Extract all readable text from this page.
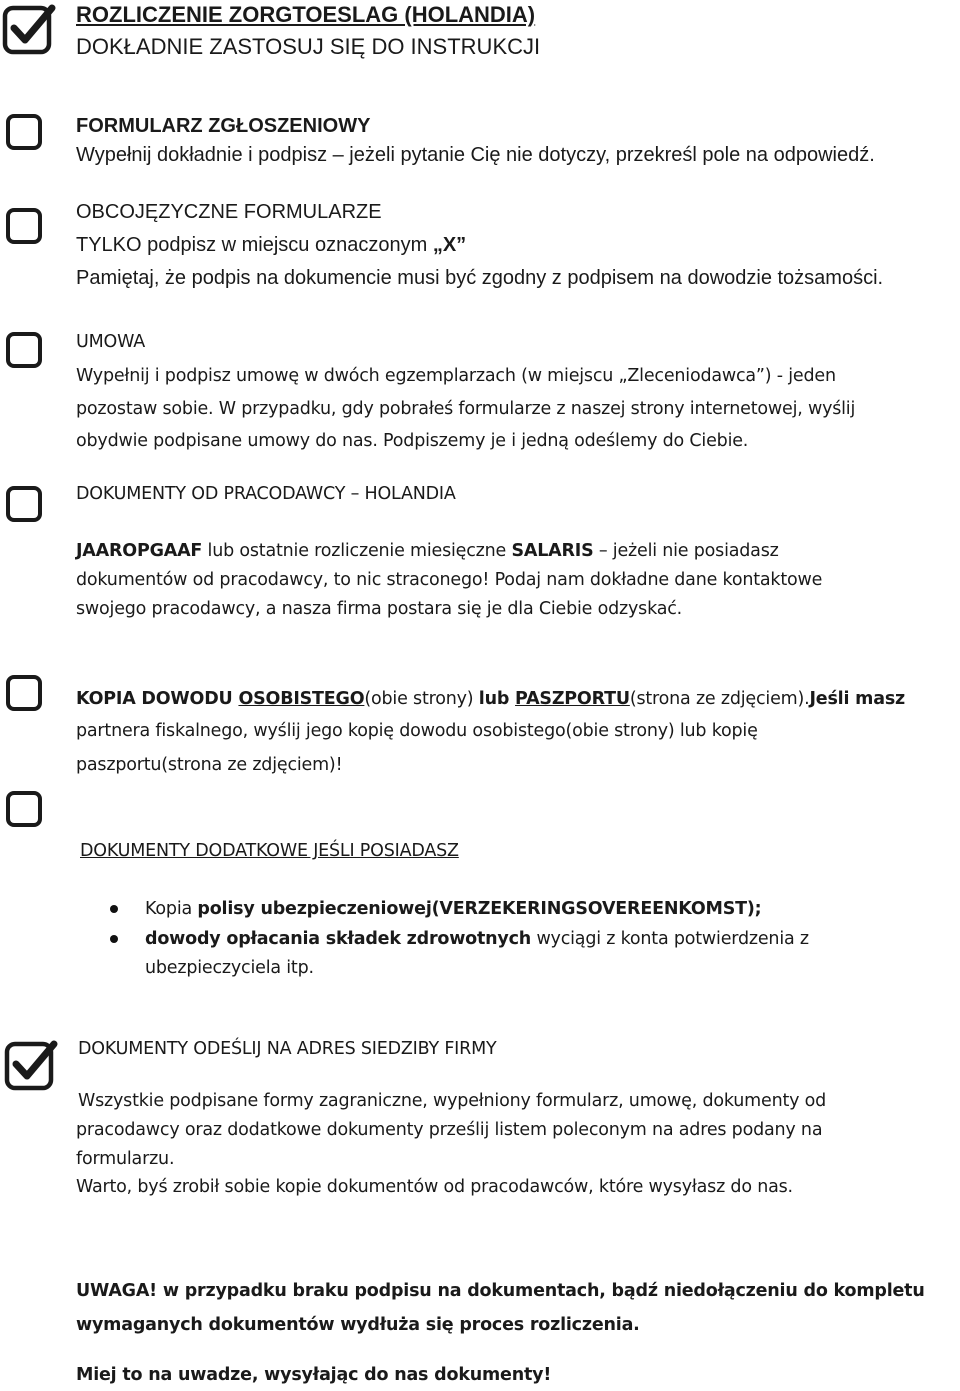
ROZLICZENIE ZORGTOESLAG (HOLANDIA)
DOKŁADNIE ZASTOSUJ SIĘ DO INSTRUKCJI
FORMULARZ ZGŁOSZENIOWY
Wypełnij dokładnie i podpisz – jeżeli pytanie Cię nie dotyczy, przekreśl pole na odpowiedź.
OBCOJĘZYCZNE FORMULARZE
TYLKO podpisz w miejscu oznaczonym „X”
Pamiętaj, że podpis na dokumencie musi być zgodny z podpisem na dowodzie tożsamości.
UMOWA
Wypełnij i podpisz umowę w dwóch egzemplarzach (w miejscu „Zleceniodawca”) - jeden
pozostaw sobie. W przypadku, gdy pobrałeś formularze z naszej strony internetowej, wyślij
obydwie podpisane umowy do nas. Podpiszemy je i jedną odeślemy do Ciebie.
DOKUMENTY OD PRACODAWCY – HOLANDIA
JAAROPGAAF lub ostatnie rozliczenie miesięczne SALARIS – jeżeli nie posiadasz
dokumentów od pracodawcy, to nic straconego! Podaj nam dokładne dane kontaktowe
swojego pracodawcy, a nasza firma postara się je dla Ciebie odzyskać.
KOPIA DOWODU OSOBISTEGO(obie strony) lub PASZPORTU(strona ze zdjęciem).Jeśli masz
partnera fiskalnego, wyślij jego kopię dowodu osobistego(obie strony) lub kopię
paszportu(strona ze zdjęciem)!
DOKUMENTY DODATKOWE JEŚLI POSIADASZ
Kopia polisy ubezpieczeniowej(VERZEKERINGSOVEREENKOMST);
dowody opłacania składek zdrowotnych wyciągi z konta potwierdzenia z
ubezpieczyciela itp.
DOKUMENTY ODEŚLIJ NA ADRES SIEDZIBY FIRMY
Wszystkie podpisane formy zagraniczne, wypełniony formularz, umowę, dokumenty od
pracodawcy oraz dodatkowe dokumenty prześlij listem poleconym na adres podany na
formularzu.
Warto, byś zrobił sobie kopie dokumentów od pracodawców, które wysyłasz do nas.
UWAGA! w przypadku braku podpisu na dokumentach, bądź niedołączeniu do kompletu
wymaganych dokumentów wydłuża się proces rozliczenia.
Miej to na uwadze, wysyłając do nas dokumenty!
